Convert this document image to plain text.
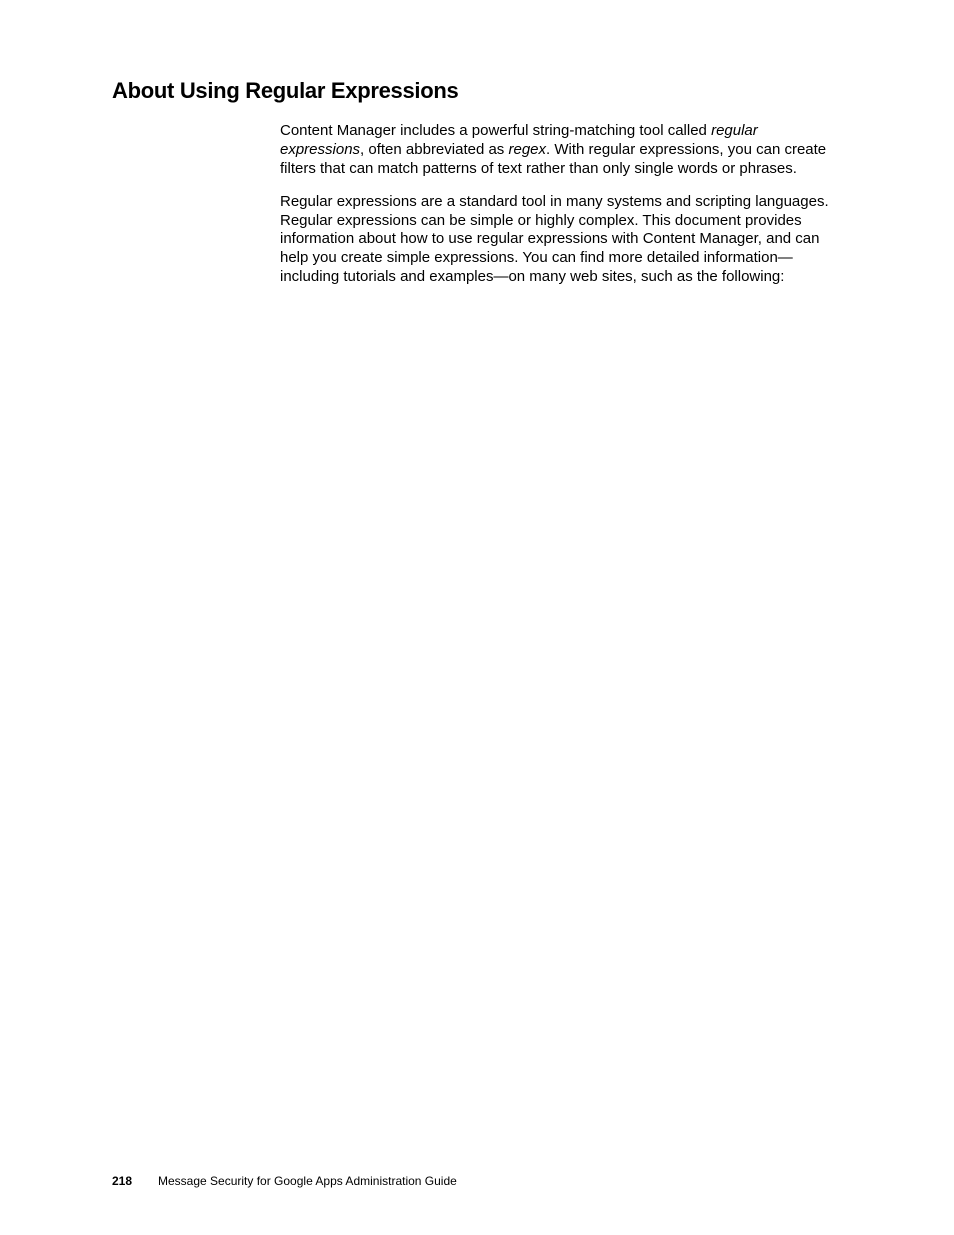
About Using Regular Expressions

Content Manager includes a powerful string-matching tool called regular expressions, often abbreviated as regex. With regular expressions, you can create filters that can match patterns of text rather than only single words or phrases.

Regular expressions are a standard tool in many systems and scripting languages. Regular expressions can be simple or highly complex. This document provides information about how to use regular expressions with Content Manager, and can help you create simple expressions. You can find more detailed information—including tutorials and examples—on many web sites, such as the following:

218 Message Security for Google Apps Administration Guide
